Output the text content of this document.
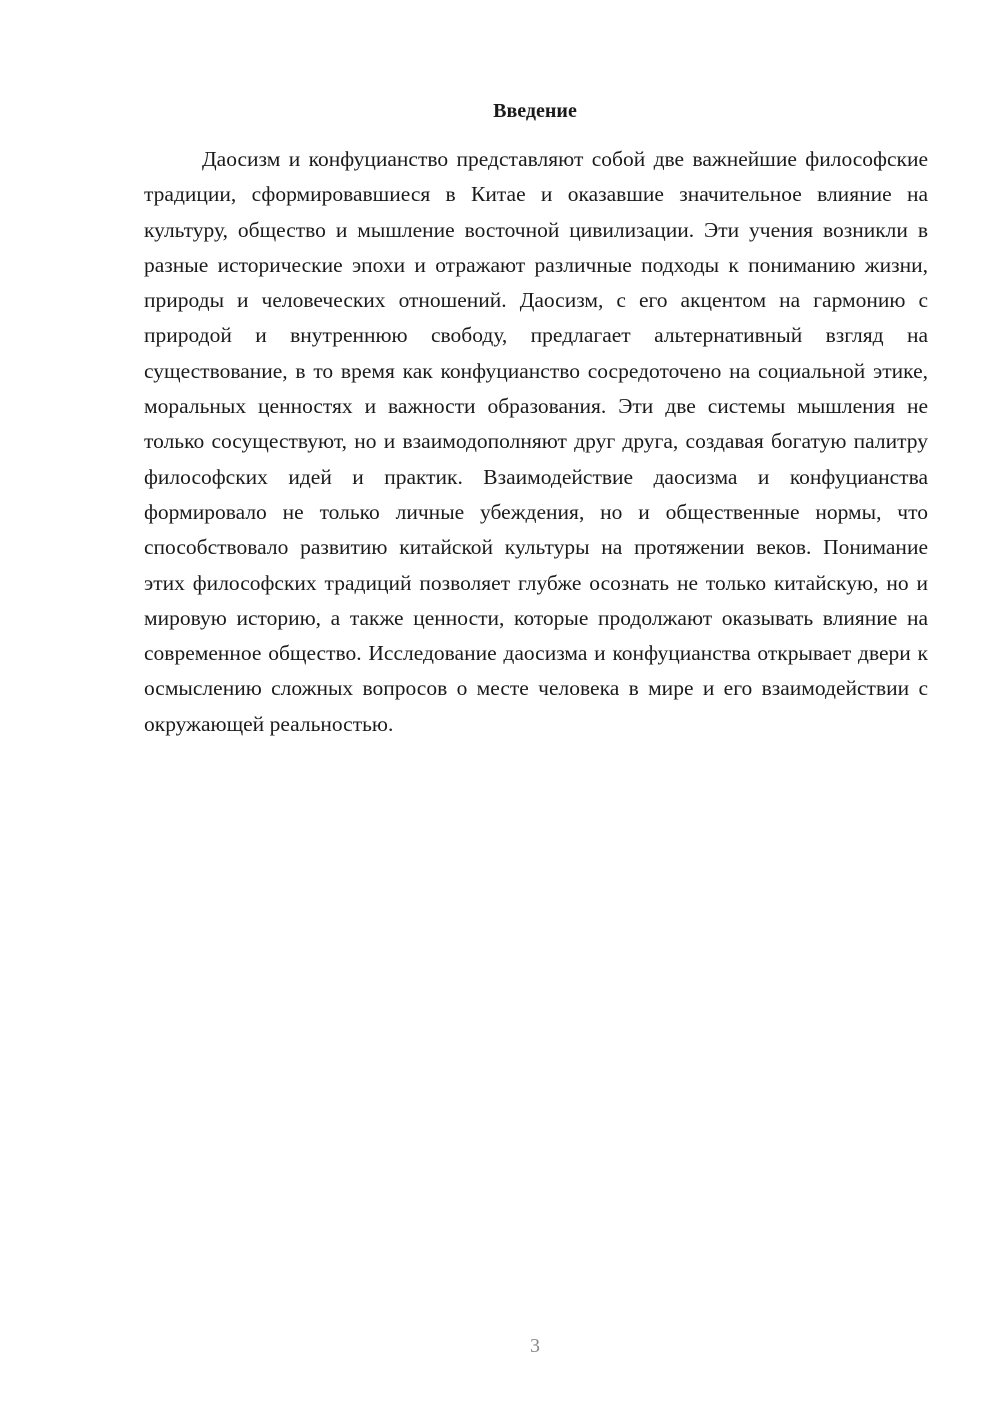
Введение

Даосизм и конфуцианство представляют собой две важнейшие философские традиции, сформировавшиеся в Китае и оказавшие значительное влияние на культуру, общество и мышление восточной цивилизации. Эти учения возникли в разные исторические эпохи и отражают различные подходы к пониманию жизни, природы и человеческих отношений. Даосизм, с его акцентом на гармонию с природой и внутреннюю свободу, предлагает альтернативный взгляд на существование, в то время как конфуцианство сосредоточено на социальной этике, моральных ценностях и важности образования. Эти две системы мышления не только сосуществуют, но и взаимодополняют друг друга, создавая богатую палитру философских идей и практик. Взаимодействие даосизма и конфуцианства формировало не только личные убеждения, но и общественные нормы, что способствовало развитию китайской культуры на протяжении веков. Понимание этих философских традиций позволяет глубже осознать не только китайскую, но и мировую историю, а также ценности, которые продолжают оказывать влияние на современное общество. Исследование даосизма и конфуцианства открывает двери к осмыслению сложных вопросов о месте человека в мире и его взаимодействии с окружающей реальностью.

3
